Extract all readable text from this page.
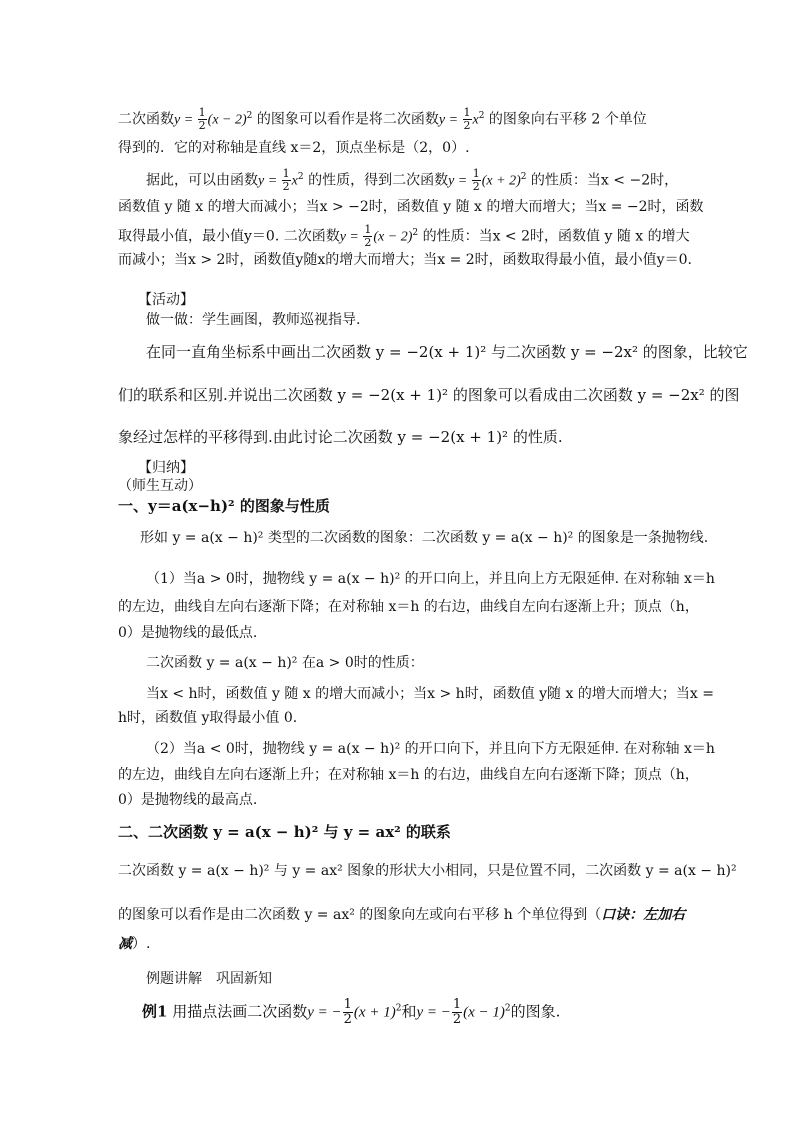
二次函数$y = \frac{1}{2} (x - 2)^2$ 的图象可以看作是将二次函数$y = \frac{1}{2} x^2$ 的图象向右平移 2 个单位
得到的．它的对称轴是直线 x＝2，顶点坐标是（2，0）.
据此，可以由函数$y = \frac{1}{2} x^2$ 的性质，得到二次函数$y = \frac{1}{2} (x + 2)^2$ 的性质：当x < −2时，
函数值 y 随 x 的增大而减小；当x > −2时，函数值 y 随 x 的增大而增大；当x = −2时，函数
取得最小值，最小值y＝0. 二次函数$y = \frac{1}{2} (x - 2)^2$ 的性质：当x < 2时，函数值 y 随 x 的增大
而减小；当x > 2时，函数值y随x的增大而增大；当x = 2时，函数取得最小值，最小值y＝0.
【活动】
做一做：学生画图，教师巡视指导.
在同一直角坐标系中画出二次函数 y = −2(x + 1)² 与二次函数 y = −2x² 的图象，比较它
们的联系和区别.并说出二次函数 y = −2(x + 1)² 的图象可以看成由二次函数 y = −2x² 的图
象经过怎样的平移得到.由此讨论二次函数 y = −2(x + 1)² 的性质.
【归纳】
（师生互动）
一、y＝a(x−h)² 的图象与性质
形如 y = a(x − h)² 类型的二次函数的图象：二次函数 y = a(x − h)² 的图象是一条抛物线.
（1）当a > 0时，抛物线 y = a(x − h)² 的开口向上，并且向上方无限延伸. 在对称轴 x＝h
的左边，曲线自左向右逐渐下降；在对称轴 x＝h 的右边，曲线自左向右逐渐上升；顶点（h，
0）是抛物线的最低点.
二次函数 y = a(x − h)² 在a > 0时的性质：
当x < h时，函数值 y 随 x 的增大而减小；当x > h时，函数值 y随 x 的增大而增大；当x =
h时，函数值 y取得最小值 0.
（2）当a < 0时，抛物线 y = a(x − h)² 的开口向下，并且向下方无限延伸. 在对称轴 x＝h
的左边，曲线自左向右逐渐上升；在对称轴 x＝h 的右边，曲线自左向右逐渐下降；顶点（h，
0）是抛物线的最高点.
二、二次函数 y = a(x − h)² 与 y = ax² 的联系
二次函数 y = a(x − h)² 与 y = ax² 图象的形状大小相同，只是位置不同，二次函数 y = a(x − h)²
的图象可以看作是由二次函数 y = ax² 的图象向左或向右平移 h 个单位得到（口诀：左加右
减）.
例题讲解　巩固新知
例1 用描点法画二次函数y = − $\frac{1}{2} (x + 1)^2$和y = − $\frac{1}{2} (x - 1)^2$的图象.
